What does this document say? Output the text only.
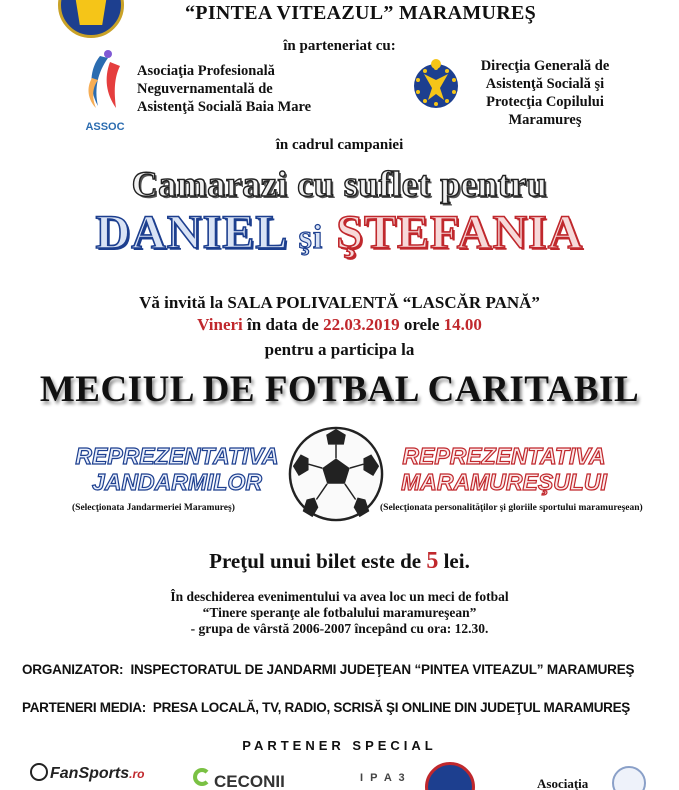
“PINTEA VITEAZUL” MARAMUREŞ
în parteneriat cu:
ASSOC
Asociaţia Profesională
Neguvernamentală de
Asistenţă Socială Baia Mare
Direcţia Generală de
Asistenţă Socială şi
Protecţia Copilului
Maramureş
în cadrul campaniei
Camarazi cu suflet pentru
DANIEL şi ŞTEFANIA
Vă invită la SALA POLIVALENTĂ “LASCĂR PANĂ”
Vineri în data de 22.03.2019 orele 14.00
pentru a participa la
MECIUL DE FOTBAL CARITABIL
REPREZENTATIVA
JANDARMILOR
(Selecţionata Jandarmeriei Maramureş)
REPREZENTATIVA
MARAMUREŞULUI
(Selecţionata personalităţilor şi gloriile sportului maramureşean)
Preţul unui bilet este de 5 lei.
În deschiderea evenimentului va avea loc un meci de fotbal
“Tinere speranţe ale fotbalului maramureşean”
- grupa de vârstă 2006-2007 începând cu ora: 12.30.
ORGANIZATOR: INSPECTORATUL DE JANDARMI JUDEŢEAN “PINTEA VITEAZUL” MARAMUREŞ
PARTENERI MEDIA: PRESA LOCALĂ, TV, RADIO, SCRISĂ ŞI ONLINE DIN JUDEŢUL MARAMUREŞ
PARTENER SPECIAL
FanSports.ro	CECONII	I P A 3	Asociaţia
